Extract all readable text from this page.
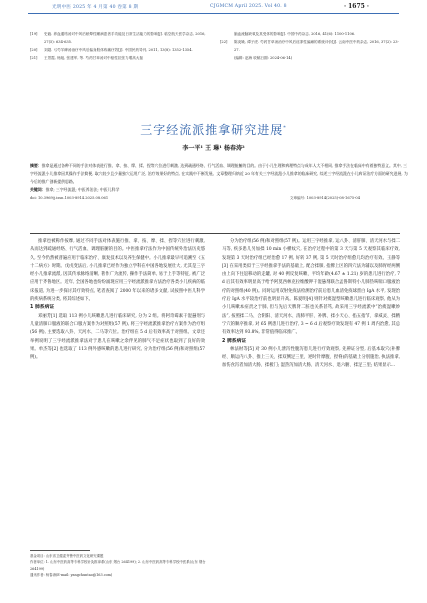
光明中医 2025 年 4 月第 40 卷第 8 期	CJGMCM April 2025. Vol 40. 8	· 1675 ·
[19]	史毅. 养血通络汤对中风后眩晕性睡病患者手功能及日常生活能力的影响[J]. 临空航天医学杂志, 2016, 27(5): 634-635.
[20]	刘超. 弓芍羊碑汤治疗中风后偏身肢体疼痛疗效[J]. 中国民药导刊, 2011, 13(8): 1352-1354.
[21]	王景霞, 杨旭, 张建军, 等. 芍药甘草汤对中枢性抗张力增高大鼠
脑血流脑缺氧及其受体的影响[J]. 中国中药杂志, 2016, 41(6): 1100-1106.
[22]	陈炎娥, 谭子虎. 芍药甘草汤治疗中风后痉挛性偏瘫的系统评价[J]. 云南中医中药杂志, 2016, 37(2): 23-27.
(编辑: 赵海 收稿日期: 2024-06-14)
三字经流派推拿研究进展*
李一平¹ 王 琳¹ 杨春涛²
摘要：推拿是通过各种不同的手法对体表进行推、拿、按、摩、揉、捏等穴位进行刺激, 达到疏通经络、行气活血、调理脏腑的目的。由于小儿生理和病理特点与成年人大不相同, 推拿手法在临床中有着独特意义。其中, 三字经流派小儿推拿因其操作手法简便, 取穴较少且少量独穴运用广泛, 治疗效果好的特点, 在实践中不断发展。文章整理归纳近 20 年有关三字经流派小儿推拿的临床研究, 综述三字经流派在小儿病证治疗方面的研究进展, 为今后的推广创新提供思路。
关键词：推拿; 三字经流派; 中医养治法; 中医儿科学
doi: 10.3969/j.issn.1003-8914.2025.08.061	文章编号: 1003-8914(2025)-08-1675-04

推拿也被称作按摩, 通过不同手法对体表施行推、拿、按、摩、揉、捏等穴位进行刺激, 从而达到疏通经络、行气活血、调理脏腑的目的。中医推拿疗法作为中国传统外治法历史悠久, 至今仍然被普遍应用于临床治疗、康复技术以及养生保健中。小儿推拿最早可追溯至《五十二病方》时期。戊戌变法后, 小儿推拿已经作为独立学科在中国各地发展壮大, 尤其是三字经小儿推拿流派, 因其传承脉络清晰, 著作广为流传, 操作手法简单, 易于上手等特征, 被广泛应用于齐鲁地区。近年, 全国各地也纷纷涌现应用三字经流派推拿方法治疗各类小儿疾病的临床报道, 为进一步探讨其疗效特点, 笔者查阅了 2000 年以来的诸多文献, 试按照中医儿科学的疾病系统分类, 将其综述如下。

1 肺系病证

邓丽芳[1] 选取 113 例小儿咳嗽患儿进行临床研究, 分为 2 组。将阿奇霉素干混悬剂与儿童清肺口服液的联合口服方案作为对照组(57 例), 将三字经流派推拿治疗方案作为治疗组(56 例), 主要选取八卦、天河水、二马等穴位。治疗组在 5 d 后有效率高于对照组。文章还举例说明了三字经流派推拿法对于患儿在咳嗽之余伴见的肺气不足症状也取到了良好的效果。单杰等[2] 也选取了 113 例外感咳嗽的患儿进行研究, 分为治疗组(56 例)和对照组(57 例)。

分为治疗组(56 例)和对照组(57 例)。运用三字经推拿, 运八卦、清肝肺、清天河水与揉二马等, 疾多患儿另加揉 10 min 小横纹穴, 在治疗过程中的第 3 天与第 5 天观察其临床疗效, 发现第 3 天时治疗组已经治愈 17 例, 好转 37 例, 第 5 天时治疗组愈几均治疗有效。王静等[3] 在采用类似于三字经推拿手法的基础上, 配合揉肺, 指脾上区的四穴法为辅以及肺胃经两侧由上向下往返移动的走罐, 对 40 例反复咳嗽、平均年龄(4.67 ± 1.21) 岁的患儿进行治疗, 7 d 后其有效率明显高于给予阿莫西林克拉维酸钾干混悬剂联合孟鲁斯特小儿肺热咳喘口服液治疗的对照组(40 例)。同时运用双射免疫法检测治疗前后患儿血清免疫球蛋白 IgA 水平, 发现治疗后 IgA 水平较治疗前也明显升高。陈爱明[4] 则针对痰湿型咳嗽患儿进行临床观察, 他从为小儿咳嗽本症责之于肺, 但与先后天脾肾二脏也关系甚笃, 故采用三字经流派中“治痰湿嗽妙法”, 按照揉二马、合阴阳、清天河水、清肺平肝、补脾、揉小天心、掐五指节、拿威灵、揉精宁穴的顺序推拿, 对 65 例患儿进行治疗, 3 ~ 6 d 后观察疗效发现有 47 例 1 周内治愈, 其总有效率达到 93.8%, 非常值得临床推广。

2 脾系病证

林法财等[5] 对 30 例小儿泄泻性腹泻患儿进行疗效观察, 先辨证分型, 后基本取穴(补脾经、顺运内八卦、推上三关、揉双侧足三里、逆时针摩腹、捏脊)的基础上分别施治, 执法推拿, 加伤食泻者加清大肠、揉板门; 湿热泻加清大肠、清天河水、退六腑、揉足三里; 结果显示...

基金项目: 山东省卫健委齐鲁中医药文化研究课题
作者单位: 1. 山东中医药高等专科学校针灸推拿系(山东 烟台 264199); 2. 山东中医药高等专科学校中医系(山东 烟台 264199)
通讯作者: 杨春涛(E-mail: yangchuntao@163.com)
